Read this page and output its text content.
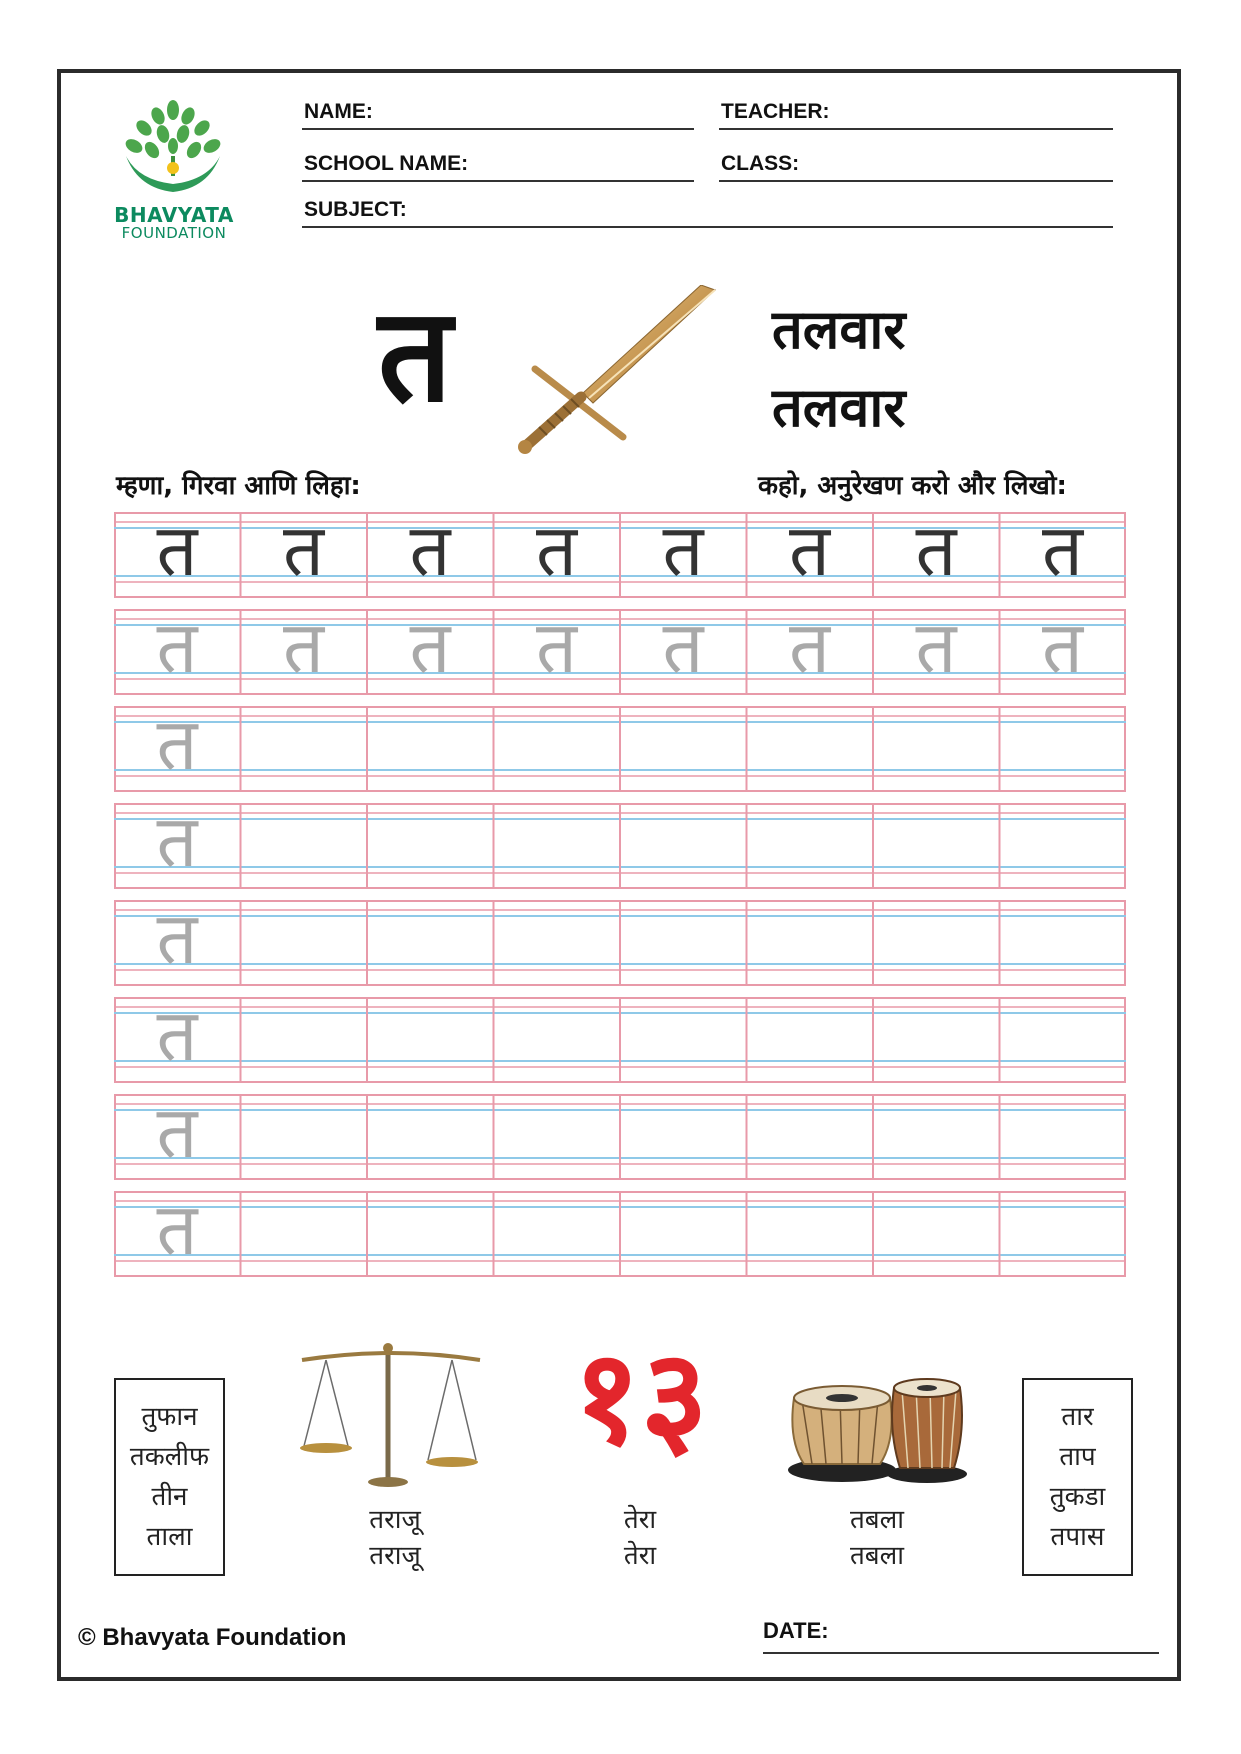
BHAVYATA
FOUNDATION
NAME:	TEACHER:
SCHOOL NAME:	CLASS:
SUBJECT:
त	तलवार
तलवार
म्हणा, गिरवा आणि लिहा:	कहो, अनुरेखण करो और लिखो:
त	त	त	त	त	त	त	त
त	त	त	त	त	त	त	त
त
त
त
त
त
त
तुफान
तकलीफ
तीन
ताला
तराजू
तराजू
१३
तेरा
तेरा
तबला
तबला
तार
ताप
तुकडा
तपास
© Bhavyata Foundation	DATE:
